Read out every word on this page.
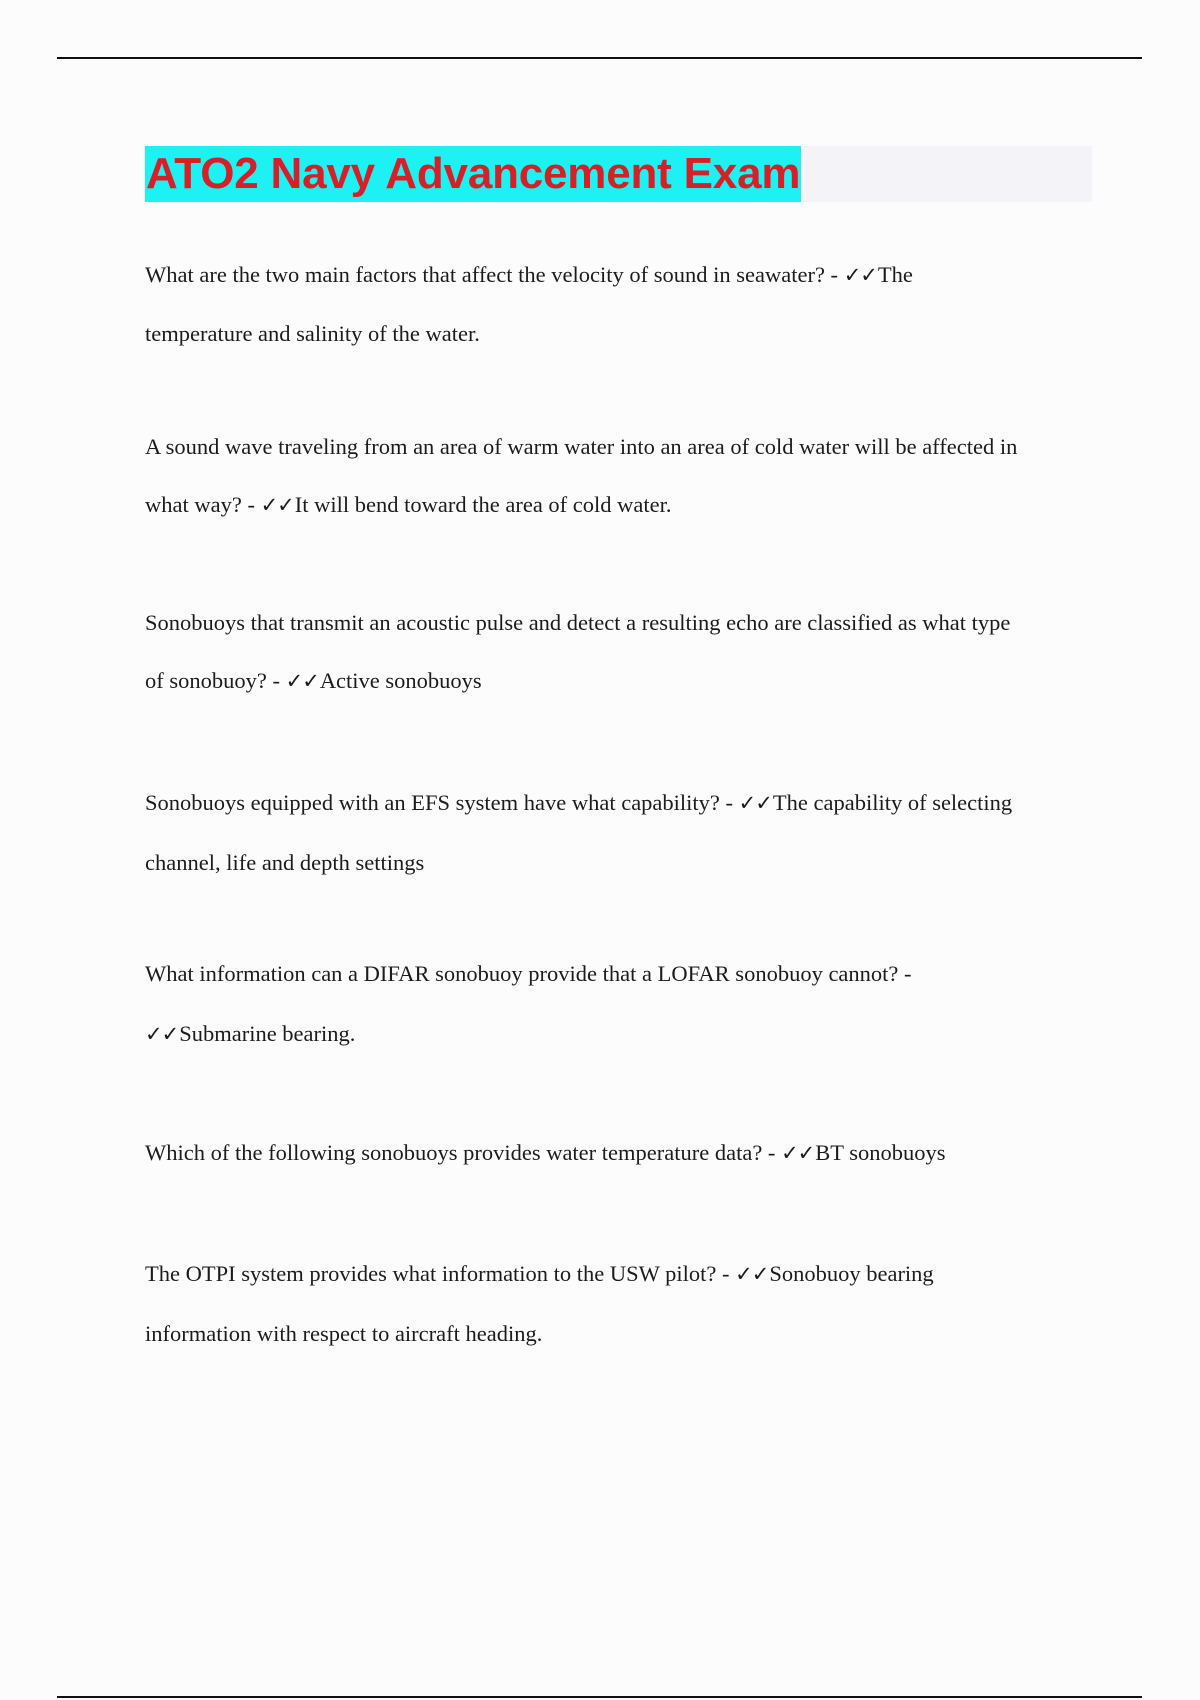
ATO2 Navy Advancement Exam
What are the two main factors that affect the velocity of sound in seawater? - ✓✓The
temperature and salinity of the water.
A sound wave traveling from an area of warm water into an area of cold water will be affected in
what way? - ✓✓It will bend toward the area of cold water.
Sonobuoys that transmit an acoustic pulse and detect a resulting echo are classified as what type
of sonobuoy? - ✓✓Active sonobuoys
Sonobuoys equipped with an EFS system have what capability? - ✓✓The capability of selecting
channel, life and depth settings
What information can a DIFAR sonobuoy provide that a LOFAR sonobuoy cannot? -
✓✓Submarine bearing.
Which of the following sonobuoys provides water temperature data? - ✓✓BT sonobuoys
The OTPI system provides what information to the USW pilot? - ✓✓Sonobuoy bearing
information with respect to aircraft heading.
